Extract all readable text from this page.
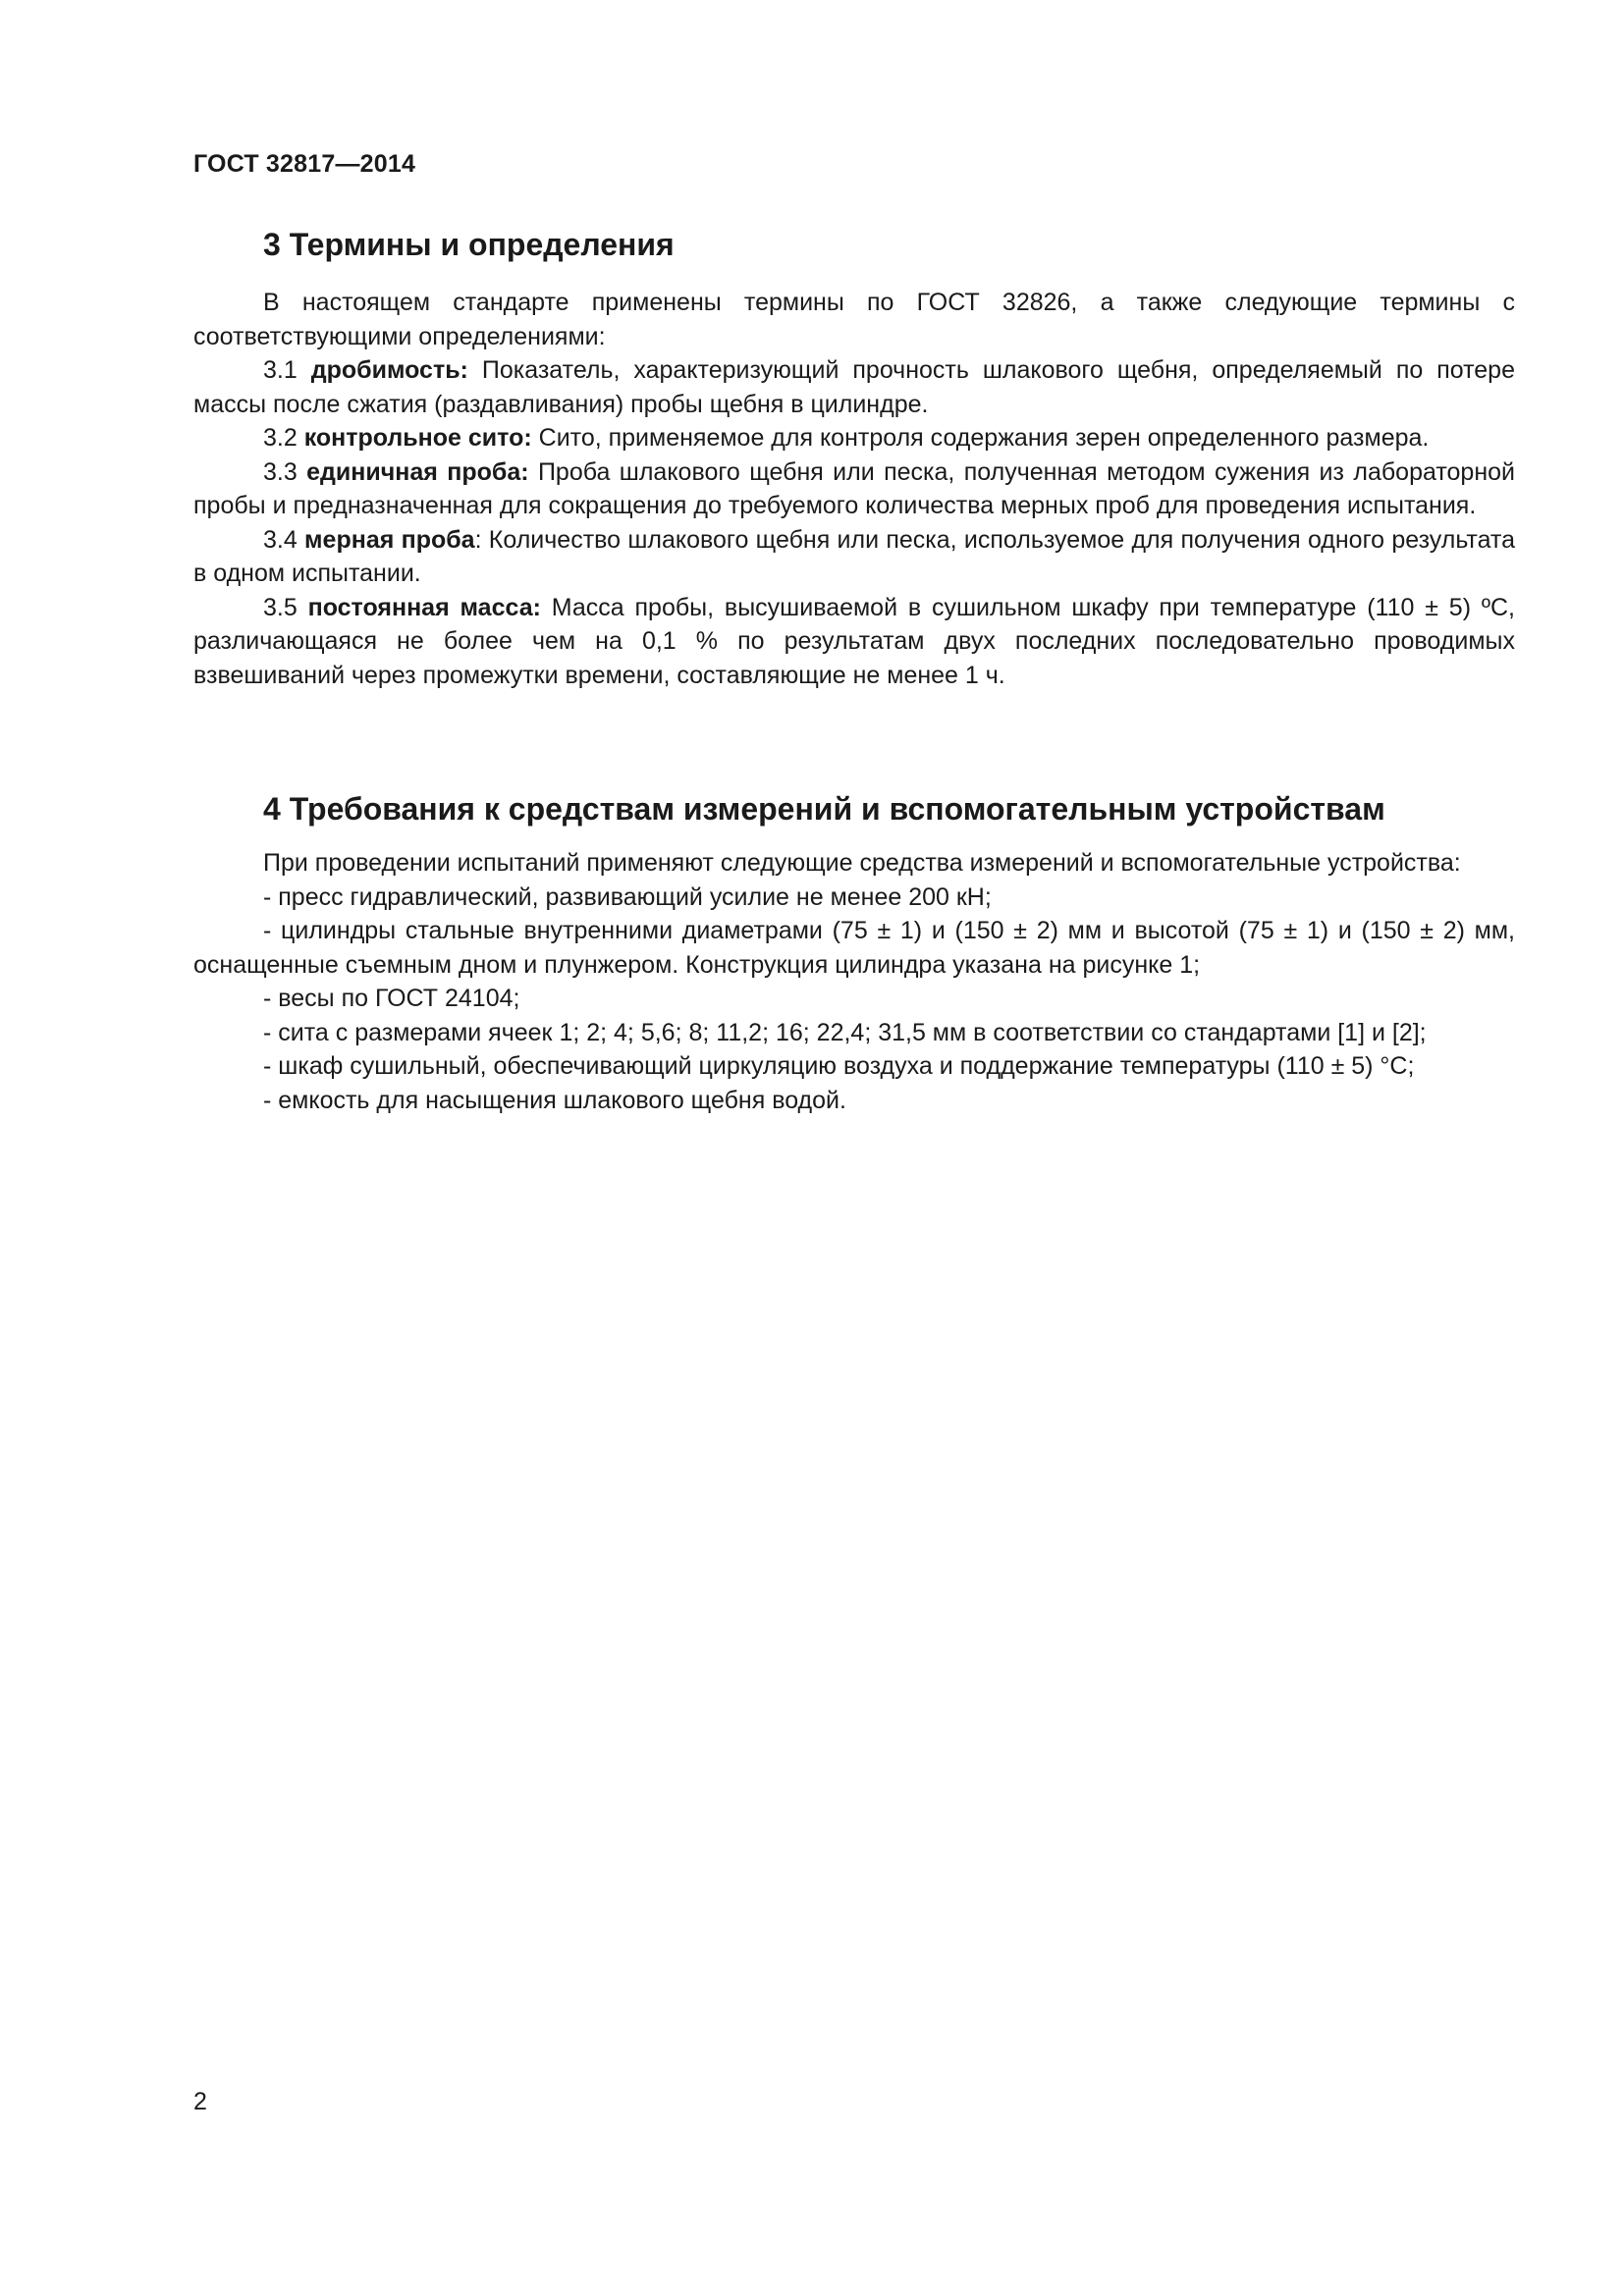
ГОСТ 32817—2014
3 Термины и определения

В настоящем стандарте применены термины по ГОСТ 32826, а также следующие термины с соответствующими определениями:

3.1 дробимость: Показатель, характеризующий прочность шлакового щебня, определяемый по потере массы после сжатия (раздавливания) пробы щебня в цилиндре.

3.2 контрольное сито: Сито, применяемое для контроля содержания зерен определенного размера.

3.3 единичная проба: Проба шлакового щебня или песка, полученная методом сужения из лабораторной пробы и предназначенная для сокращения до требуемого количества мерных проб для проведения испытания.

3.4 мерная проба: Количество шлакового щебня или песка, используемое для получения одного результата в одном испытании.

3.5 постоянная масса: Масса пробы, высушиваемой в сушильном шкафу при температуре (110 ± 5) ºС, различающаяся не более чем на 0,1 % по результатам двух последних последовательно проводимых взвешиваний через промежутки времени, составляющие не менее 1 ч.

4 Требования к средствам измерений и вспомогательным устройствам

При проведении испытаний применяют следующие средства измерений и вспомогательные устройства:

- пресс гидравлический, развивающий усилие не менее 200 кН;

- цилиндры стальные внутренними диаметрами (75 ± 1) и (150 ± 2) мм и высотой (75 ± 1) и (150 ± 2) мм, оснащенные съемным дном и плунжером. Конструкция цилиндра указана на рисунке 1;

- весы по ГОСТ 24104;

- сита с размерами ячеек 1; 2; 4; 5,6; 8; 11,2; 16; 22,4; 31,5 мм в соответствии со стандартами [1] и [2];

- шкаф сушильный, обеспечивающий циркуляцию воздуха и поддержание температуры (110 ± 5) °С;

- емкость для насыщения шлакового щебня водой.

2
